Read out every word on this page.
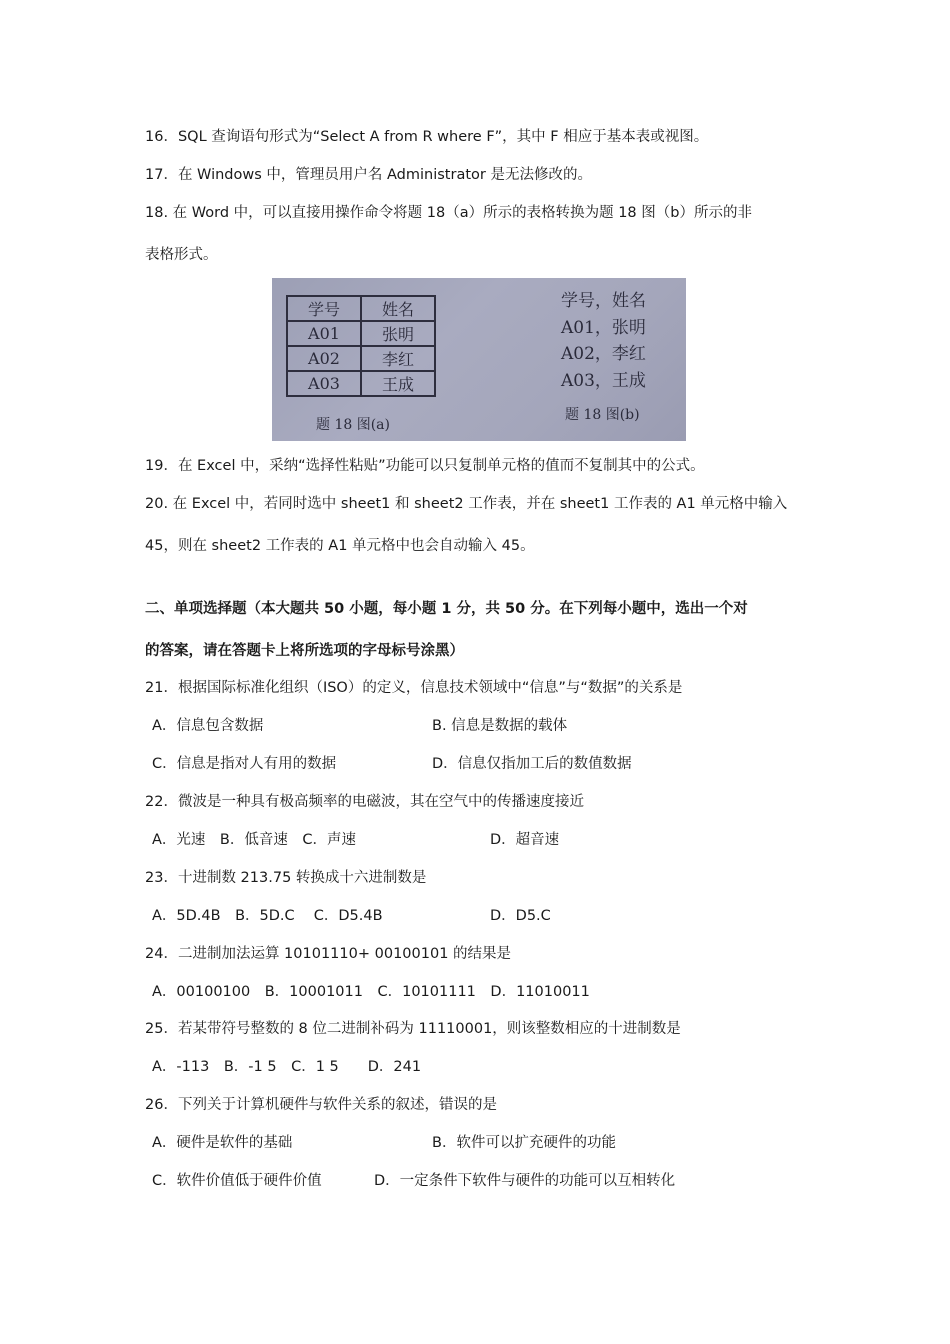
16．SQL 查询语句形式为“Select A from R where F”，其中 F 相应于基本表或视图。
17．在 Windows 中，管理员用户名 Administrator 是无法修改的。
18. 在 Word 中，可以直接用操作命令将题 18（a）所示的表格转换为题 18 图（b）所示的非
表格形式。
学号	姓名
A01	张明
A02	李红
A03	王成
题 18 图(a)
学号，姓名
A01，张明
A02，李红
A03，王成
题 18 图(b)
19．在 Excel 中，采纳“选择性粘贴”功能可以只复制单元格的值而不复制其中的公式。
20. 在 Excel 中，若同时选中 sheet1 和 sheet2 工作表，并在 sheet1 工作表的 A1 单元格中输入
45，则在 sheet2 工作表的 A1 单元格中也会自动输入 45。
二、单项选择题（本大题共 50 小题，每小题 1 分，共 50 分。在下列每小题中，选出一个对
的答案，请在答题卡上将所选项的字母标号涂黑）
21．根据国际标准化组织（ISO）的定义，信息技术领域中“信息”与“数据”的关系是
A．信息包含数据	B. 信息是数据的载体
C．信息是指对人有用的数据	D．信息仅指加工后的数值数据
22．微波是一种具有极高频率的电磁波，其在空气中的传播速度接近
A．光速　B．低音速　C．声速	D．超音速
23．十进制数 213.75 转换成十六进制数是
A．5D.4B　B．5D.C　 C．D5.4B	D．D5.C
24．二进制加法运算 10101110+ 00100101 的结果是
A．00100100　B．10001011　C．10101111　D．11010011
25．若某带符号整数的 8 位二进制补码为 11110001，则该整数相应的十进制数是
A．-113　B．-1 5　C．1 5　　D．241
26．下列关于计算机硬件与软件关系的叙述，错误的是
A．硬件是软件的基础	B．软件可以扩充硬件的功能
C．软件价值低于硬件价值	D．一定条件下软件与硬件的功能可以互相转化
